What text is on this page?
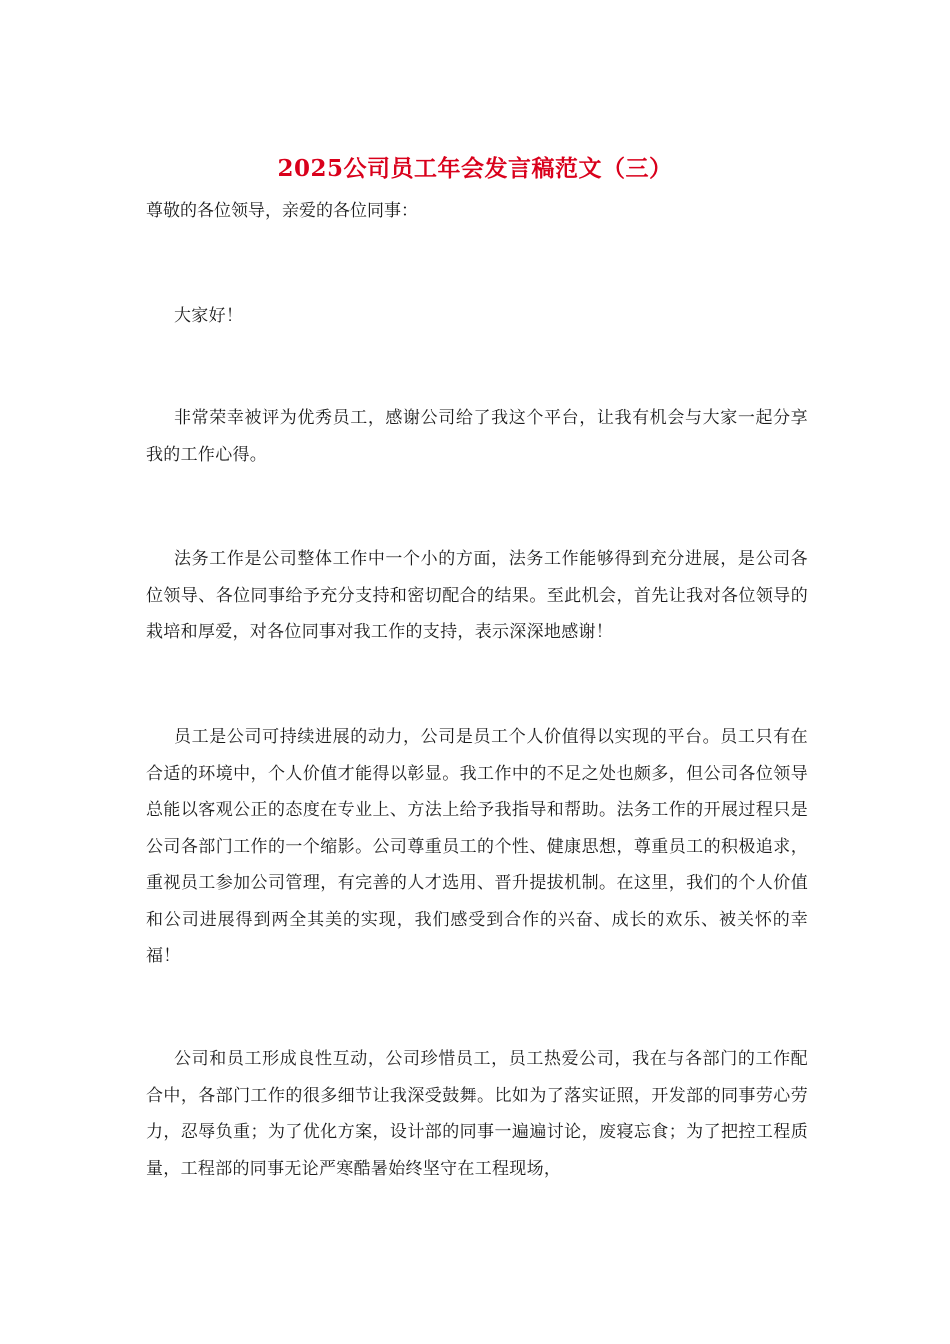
2025公司员工年会发言稿范文（三）

尊敬的各位领导，亲爱的各位同事：

大家好！

非常荣幸被评为优秀员工，感谢公司给了我这个平台，让我有机会与大家一起分享我的工作心得。

法务工作是公司整体工作中一个小的方面，法务工作能够得到充分进展，是公司各位领导、各位同事给予充分支持和密切配合的结果。至此机会，首先让我对各位领导的栽培和厚爱，对各位同事对我工作的支持，表示深深地感谢！

员工是公司可持续进展的动力，公司是员工个人价值得以实现的平台。员工只有在合适的环境中，个人价值才能得以彰显。我工作中的不足之处也颇多，但公司各位领导总能以客观公正的态度在专业上、方法上给予我指导和帮助。法务工作的开展过程只是公司各部门工作的一个缩影。公司尊重员工的个性、健康思想，尊重员工的积极追求，重视员工参加公司管理，有完善的人才选用、晋升提拔机制。在这里，我们的个人价值和公司进展得到两全其美的实现，我们感受到合作的兴奋、成长的欢乐、被关怀的幸福！

公司和员工形成良性互动，公司珍惜员工，员工热爱公司，我在与各部门的工作配合中，各部门工作的很多细节让我深受鼓舞。比如为了落实证照，开发部的同事劳心劳力，忍辱负重；为了优化方案，设计部的同事一遍遍讨论，废寝忘食；为了把控工程质量，工程部的同事无论严寒酷暑始终坚守在工程现场，
